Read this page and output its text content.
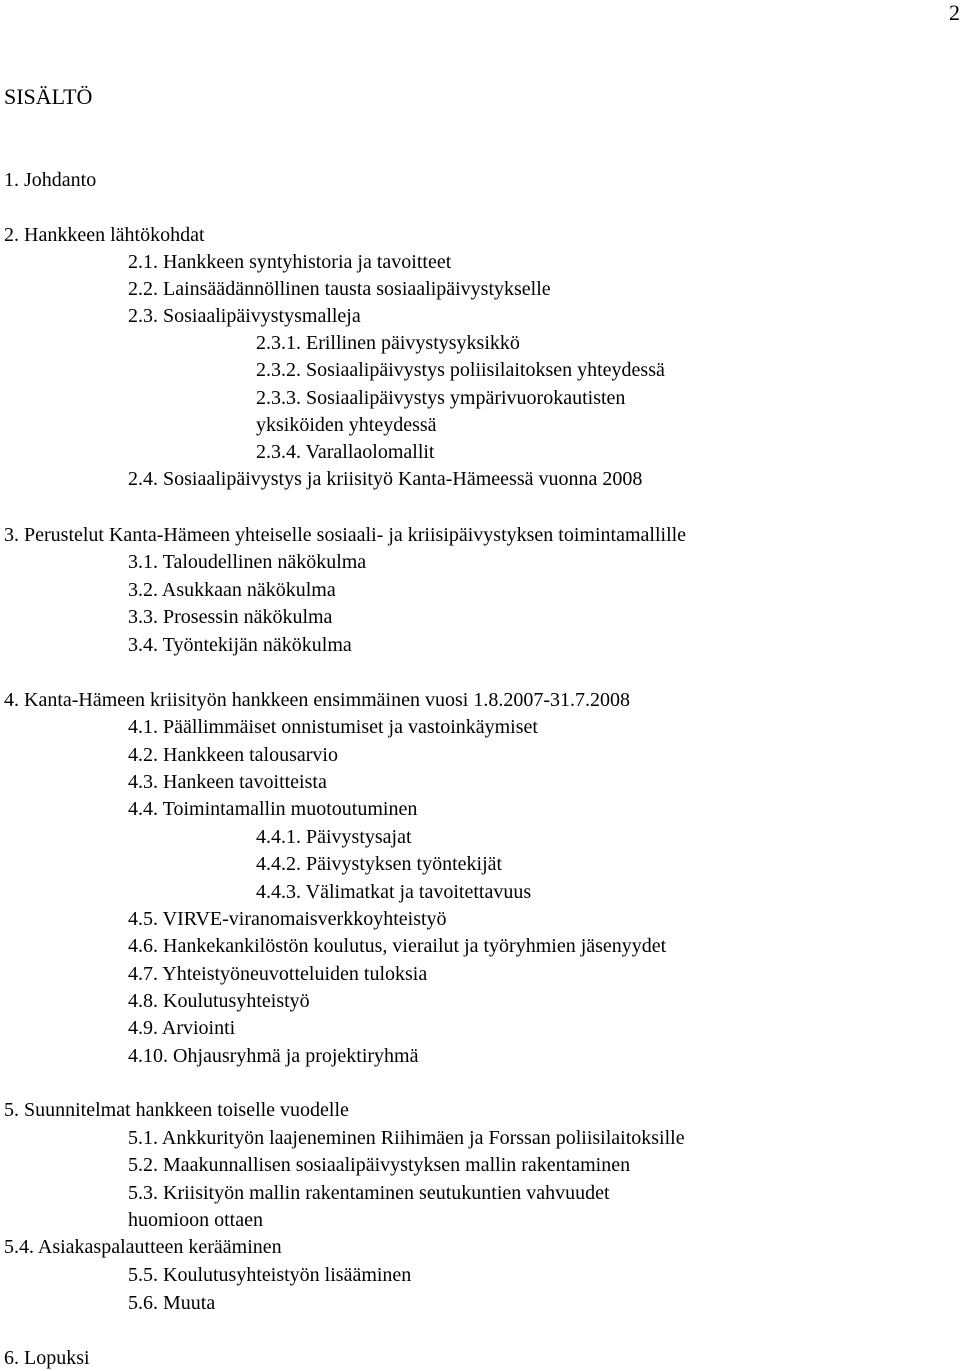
2
SISÄLTÖ
1. Johdanto
2. Hankkeen lähtökohdat
2.1. Hankkeen syntyhistoria ja tavoitteet
2.2. Lainsäädännöllinen tausta sosiaalipäivystykselle
2.3. Sosiaalipäivystysmalleja
2.3.1. Erillinen päivystysyksikkö
2.3.2. Sosiaalipäivystys poliisilaitoksen yhteydessä
2.3.3. Sosiaalipäivystys ympärivuorokautisten
yksiköiden yhteydessä
2.3.4. Varallaolomallit
2.4. Sosiaalipäivystys ja kriisityö Kanta-Hämeessä vuonna 2008
3. Perustelut Kanta-Hämeen yhteiselle sosiaali- ja kriisipäivystyksen toimintamallille
3.1. Taloudellinen näkökulma
3.2. Asukkaan näkökulma
3.3. Prosessin näkökulma
3.4. Työntekijän näkökulma
4. Kanta-Hämeen kriisityön hankkeen ensimmäinen vuosi 1.8.2007-31.7.2008
4.1. Päällimmäiset onnistumiset ja vastoinkäymiset
4.2. Hankkeen talousarvio
4.3. Hankeen tavoitteista
4.4. Toimintamallin muotoutuminen
4.4.1. Päivystysajat
4.4.2. Päivystyksen työntekijät
4.4.3. Välimatkat ja tavoitettavuus
4.5. VIRVE-viranomaisverkkoyhteistyö
4.6. Hankekankilöstön koulutus, vierailut ja työryhmien jäsenyydet
4.7. Yhteistyöneuvotteluiden tuloksia
4.8. Koulutusyhteistyö
4.9. Arviointi
4.10. Ohjausryhmä ja projektiryhmä
5. Suunnitelmat hankkeen toiselle vuodelle
5.1. Ankkurityön laajeneminen Riihimäen ja Forssan poliisilaitoksille
5.2. Maakunnallisen sosiaalipäivystyksen mallin rakentaminen
5.3. Kriisityön mallin rakentaminen seutukuntien vahvuudet
huomioon ottaen
5.4. Asiakaspalautteen kerääminen
5.5. Koulutusyhteistyön lisääminen
5.6. Muuta
6. Lopuksi
